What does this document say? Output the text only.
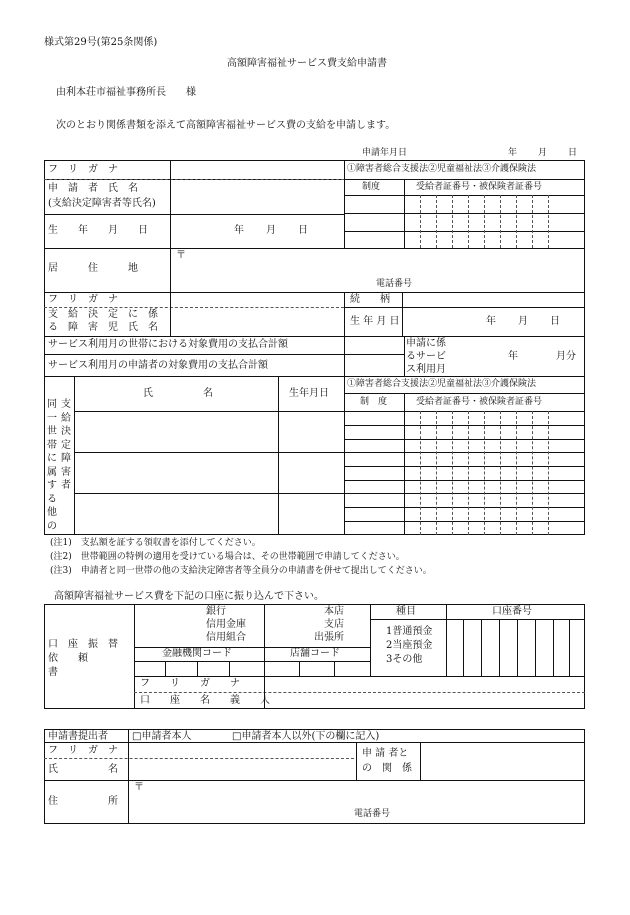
様式第29号(第25条関係)
高額障害福祉サービス費支給申請書
由利本荘市福祉事務所長　　様
次のとおり関係書類を添えて高額障害福祉サービス費の支給を申請します。
申請年月日	年 月 日
フ　リ　ガ　ナ
申　請　者　氏　名
(支給決定障害者等氏名)
生　　年　　月　　日	年 月 日
居　　　住　　　地
〒
電話番号
①障害者総合支援法②児童福祉法③介護保険法
制度	受給者証番号・被保険者証番号
フ　リ　ガ　ナ
支　給　決　定　に　係
る　障　害　児　氏　名
続　　柄
生 年 月 日	年 月 日
サービス利用月の世帯における対象費用の支払合計額
サービス利用月の申請者の対象費用の支払合計額
申請に係
るサービ
ス利用月
年	月分
同一世帯に属する他の
支給決定障害者
氏　　　　　名	生年月日
①障害者総合支援法②児童福祉法③介護保険法
制　度	受給者証番号・被保険者証番号
(注1)　支払額を証する領収書を添付してください。
(注2)　世帯範囲の特例の適用を受けている場合は、その世帯範囲で申請してください。
(注3)　申請者と同一世帯の他の支給決定障害者等全員分の申請書を併せて提出してください。
高額障害福祉サービス費を下記の口座に振り込んで下さい。
口　座　振　替
依　　頼
書
銀行
信用金庫
信用組合
本店
支店
出張所
種目	口座番号
1普通預金
2当座預金
3その他
金融機関コード	店舗コード
フ　　リ　　ガ　　ナ
口　　座　　名　　義　　人
申請書提出者 □申請者本人	□申請者本人以外(下の欄に記入)
フ　リ　ガ　ナ
氏　　　　　名
申 請 者と
の　関　係
住　　　　　所
〒
電話番号
